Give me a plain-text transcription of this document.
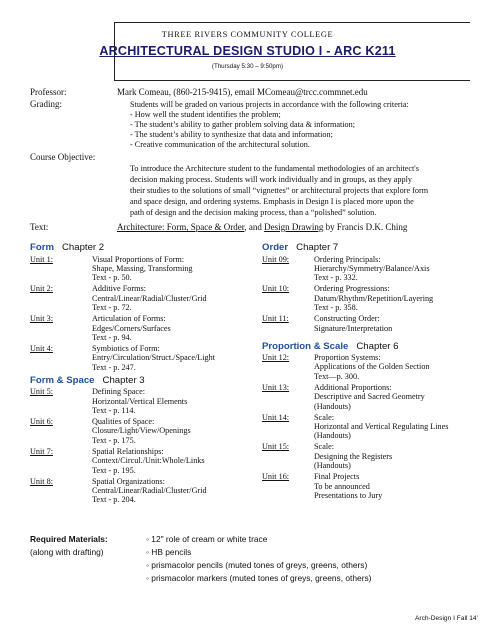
THREE RIVERS COMMUNITY COLLEGE
ARCHITECTURAL DESIGN STUDIO I - ARC K211
(Thursday 5:30 – 9:50pm)
Professor:	Mark Comeau, (860-215-9415), email MComeau@trcc.commnet.edu
Grading:	Students will be graded on various projects in accordance with the following criteria:
- How well the student identifies the problem;
- The student’s ability to gather problem solving data & information;
- The student’s ability to synthesize that data and information;
- Creative communication of the architectural solution.
Course Objective:
To introduce the Architecture student to the fundamental methodologies of an architect's
decision making process. Students will work individually and in groups, as they apply
their studies to the solutions of small “vignettes” or architectural projects that explore form
and space design, and ordering systems. Emphasis in Design I is placed more upon the
path of design and the decision making process, than a “polished” solution.
Text:	Architecture: Form, Space & Order, and Design Drawing by Francis D.K. Ching
Form   Chapter 2
Unit 1:	Visual Proportions of Form:
Shape, Massing, Transforming
Text - p. 50.
Unit 2:	Additive Forms:
Central/Linear/Radial/Cluster/Grid
Text - p. 72.
Unit 3:	Articulation of Forms:
Edges/Corners/Surfaces
Text - p. 94.
Unit 4:	Symbiotics of Form:
Entry/Circulation/Struct./Space/Light
Text - p. 247.
Form & Space   Chapter 3
Unit 5:	Defining Space:
Horizontal/Vertical Elements
Text - p. 114.
Unit 6:	Qualities of Space:
Closure/Light/View/Openings
Text - p. 175.
Unit 7:	Spatial Relationships:
Context/Circul./Unit:Whole/Links
Text - p. 195.
Unit 8:	Spatial Organizations:
Central/Linear/Radial/Cluster/Grid
Text - p. 204.
Order   Chapter 7
Unit 09:	Ordering Principals:
Hierarchy/Symmetry/Balance/Axis
Text - p. 332.
Unit 10:	Ordering Progressions:
Datum/Rhythm/Repetition/Layering
Text - p. 358.
Unit 11:	Constructing Order:
Signature/Interpretation
Proportion & Scale   Chapter 6
Unit 12:	Proportion Systems:
Applications of the Golden Section
Text—p. 300.
Unit 13:	Additional Proportions:
Descriptive and Sacred Geometry
(Handouts)
Unit 14:	Scale:
Horizontal and Vertical Regulating Lines
(Handouts)
Unit 15:	Scale:
Designing the Registers
(Handouts)
Unit 16:	Final Projects
To be announced
Presentations to Jury
Required Materials:
(along with drafting)
◦ 12" role of cream or white trace
◦ HB pencils
◦ prismacolor pencils (muted tones of greys, greens, others)
◦ prismacolor markers (muted tones of greys, greens, others)
Arch-Design I Fall 14’
